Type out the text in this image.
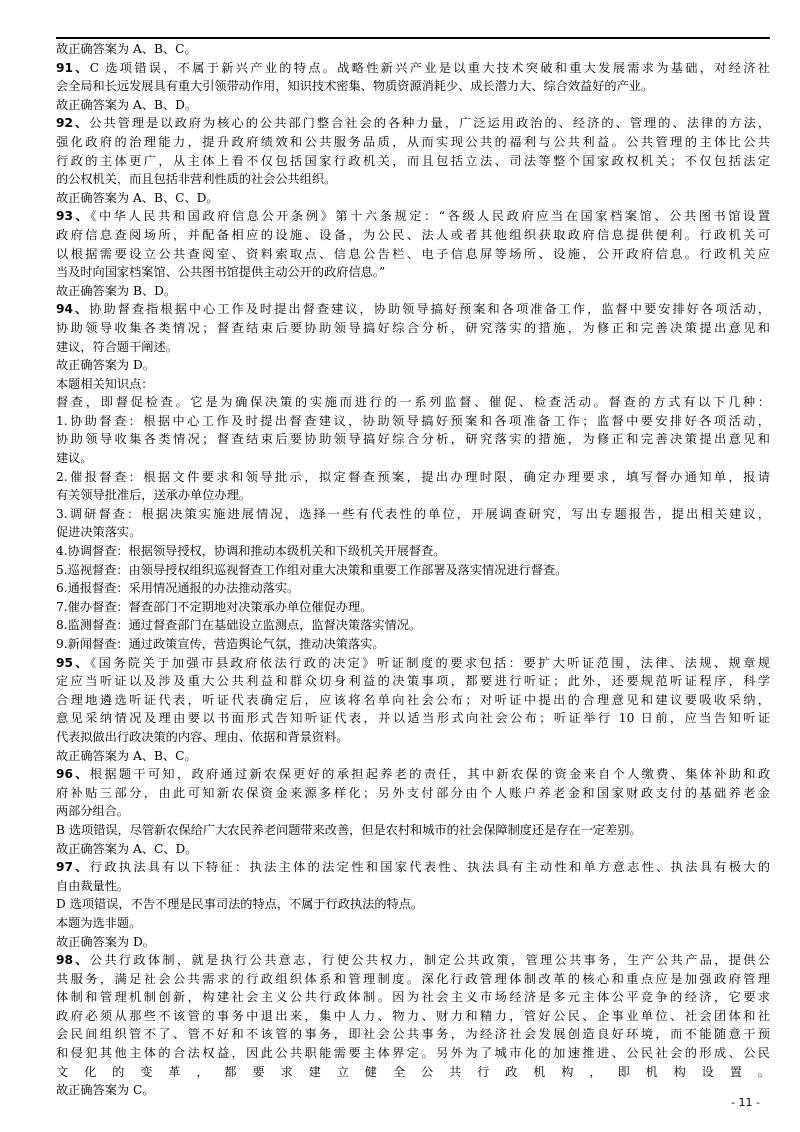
故正确答案为 A、B、C。
91、C 选项错误，不属于新兴产业的特点。战略性新兴产业是以重大技术突破和重大发展需求为基础，对经济社
会全局和长远发展具有重大引领带动作用，知识技术密集、物质资源消耗少、成长潜力大、综合效益好的产业。
故正确答案为 A、B、D。
92、公共管理是以政府为核心的公共部门整合社会的各种力量，广泛运用政治的、经济的、管理的、法律的方法，
强化政府的治理能力，提升政府绩效和公共服务品质，从而实现公共的福利与公共利益。公共管理的主体比公共
行政的主体更广，从主体上看不仅包括国家行政机关，而且包括立法、司法等整个国家政权机关；不仅包括法定
的公权机关，而且包括非营利性质的社会公共组织。
故正确答案为 A、B、C、D。
93、《中华人民共和国政府信息公开条例》第十六条规定：“各级人民政府应当在国家档案馆、公共图书馆设置
政府信息查阅场所，并配备相应的设施、设备，为公民、法人或者其他组织获取政府信息提供便利。行政机关可
以根据需要设立公共查阅室、资料索取点、信息公告栏、电子信息屏等场所、设施，公开政府信息。行政机关应
当及时向国家档案馆、公共图书馆提供主动公开的政府信息。”
故正确答案为 B、D。
94、协助督查指根据中心工作及时提出督查建议，协助领导搞好预案和各项准备工作，监督中要安排好各项活动，
协助领导收集各类情况；督查结束后要协助领导搞好综合分析，研究落实的措施，为修正和完善决策提出意见和
建议，符合题干阐述。
故正确答案为 D。
本题相关知识点：
督查，即督促检查。它是为确保决策的实施而进行的一系列监督、催促、检查活动。督查的方式有以下几种：
1.协助督查：根据中心工作及时提出督查建议，协助领导搞好预案和各项准备工作；监督中要安排好各项活动，
协助领导收集各类情况；督查结束后要协助领导搞好综合分析，研究落实的措施，为修正和完善决策提出意见和
建议。
2.催报督查：根据文件要求和领导批示，拟定督查预案，提出办理时限，确定办理要求，填写督办通知单，报请
有关领导批准后，送承办单位办理。
3.调研督查：根据决策实施进展情况，选择一些有代表性的单位，开展调查研究，写出专题报告，提出相关建议，
促进决策落实。
4.协调督查：根据领导授权，协调和推动本级机关和下级机关开展督查。
5.巡视督查：由领导授权组织巡视督查工作组对重大决策和重要工作部署及落实情况进行督查。
6.通报督查：采用情况通报的办法推动落实。
7.催办督查：督查部门不定期地对决策承办单位催促办理。
8.监测督查：通过督查部门在基础设立监测点，监督决策落实情况。
9.新闻督查：通过政策宣传，营造舆论气氛，推动决策落实。
95、《国务院关于加强市县政府依法行政的决定》听证制度的要求包括：要扩大听证范围，法律、法规、规章规
定应当听证以及涉及重大公共利益和群众切身利益的决策事项，都要进行听证；此外，还要规范听证程序，科学
合理地遴选听证代表，听证代表确定后，应该将名单向社会公布；对听证中提出的合理意见和建议要吸收采纳，
意见采纳情况及理由要以书面形式告知听证代表，并以适当形式向社会公布；听证举行 10 日前，应当告知听证
代表拟做出行政决策的内容、理由、依据和背景资料。
故正确答案为 A、B、C。
96、根据题干可知，政府通过新农保更好的承担起养老的责任，其中新农保的资金来自个人缴费、集体补助和政
府补贴三部分，由此可知新农保资金来源多样化；另外支付部分由个人账户养老金和国家财政支付的基础养老金
两部分组合。
B 选项错误，尽管新农保给广大农民养老问题带来改善，但是农村和城市的社会保障制度还是存在一定差别。
故正确答案为 A、C、D。
97、行政执法具有以下特征：执法主体的法定性和国家代表性、执法具有主动性和单方意志性、执法具有极大的
自由裁量性。
D 选项错误，不告不理是民事司法的特点，不属于行政执法的特点。
本题为选非题。
故正确答案为 D。
98、公共行政体制，就是执行公共意志，行使公共权力，制定公共政策，管理公共事务，生产公共产品，提供公
共服务，满足社会公共需求的行政组织体系和管理制度。深化行政管理体制改革的核心和重点应是加强政府管理
体制和管理机制创新，构建社会主义公共行政体制。因为社会主义市场经济是多元主体公平竞争的经济，它要求
政府必须从那些不该管的事务中退出来，集中人力、物力、财力和精力，管好公民、企事业单位、社会团体和社
会民间组织管不了、管不好和不该管的事务，即社会公共事务，为经济社会发展创造良好环境，而不能随意干预
和侵犯其他主体的合法权益，因此公共职能需要主体界定。另外为了城市化的加速推进、公民社会的形成、公民
文化的变革，都要求建立健全公共行政机构，即机构设置。
故正确答案为 C。
- 11 -
